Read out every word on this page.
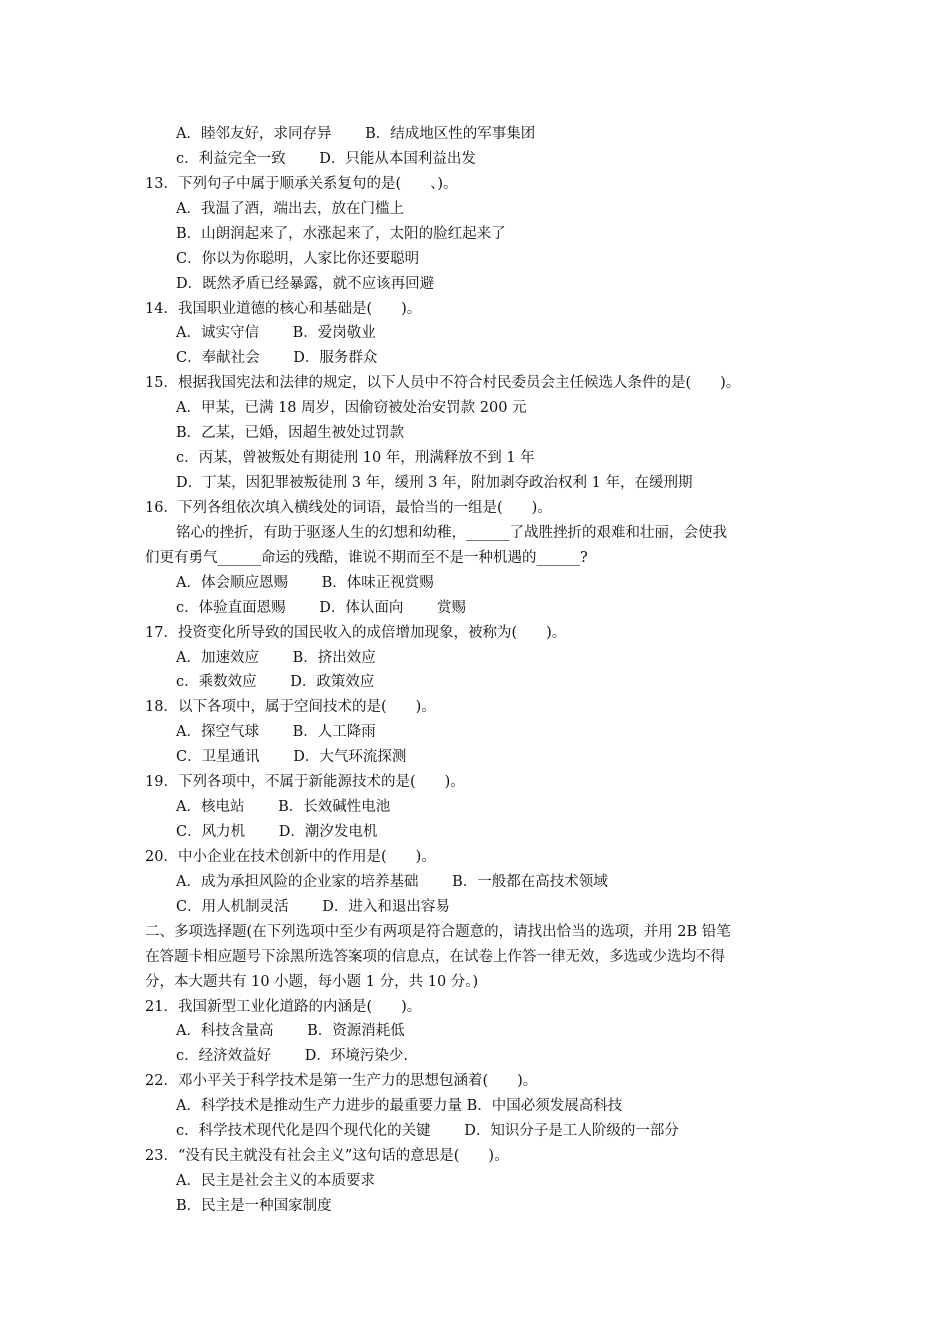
A．睦邻友好，求同存异　　 B．结成地区性的军事集团
c．利益完全一致　　 D．只能从本国利益出发
13．下列句子中属于顺承关系复句的是(　　、)。
A．我温了酒，端出去，放在门槛上
B．山朗润起来了，水涨起来了，太阳的脸红起来了
C．你以为你聪明，人家比你还要聪明
D．既然矛盾已经暴露，就不应该再回避
14．我国职业道德的核心和基础是(　　)。
A．诚实守信　　 B．爱岗敬业
C．奉献社会　　 D．服务群众
15．根据我国宪法和法律的规定，以下人员中不符合村民委员会主任候选人条件的是(　　)。
A．甲某，已满 18 周岁，因偷窃被处治安罚款 200 元
B．乙某，已婚，因超生被处过罚款
c．丙某，曾被叛处有期徒刑 10 年，刑满释放不到 1 年
D．丁某，因犯罪被叛徒刑 3 年，缓刑 3 年，附加剥夺政治权利 1 年，在缓刑期
16．下列各组依次填入横线处的词语，最恰当的一组是(　　)。
铭心的挫折，有助于驱逐人生的幻想和幼稚，______了战胜挫折的艰难和壮丽，会使我
们更有勇气______命运的残酷，谁说不期而至不是一种机遇的______?
A．体会顺应恩赐　　 B．体味正视赏赐
c．体验直面恩赐　　 D．体认面向　　 赏赐
17．投资变化所导致的国民收入的成倍增加现象，被称为(　　)。
A．加速效应　　 B．挤出效应
c．乘数效应　　 D．政策效应
18．以下各项中，属于空间技术的是(　　)。
A．探空气球　　 B．人工降雨
C．卫星通讯　　 D．大气环流探测
19．下列各项中，不属于新能源技术的是(　　)。
A．核电站　　 B．长效碱性电池
C．风力机　　 D．潮汐发电机
20．中小企业在技术创新中的作用是(　　)。
A．成为承担风险的企业家的培养基础　　 B．一般都在高技术领域
C．用人机制灵活　　 D．进入和退出容易
二、多项选择题(在下列选项中至少有两项是符合题意的，请找出恰当的选项，并用 2B 铅笔
在答题卡相应题号下涂黑所选答案项的信息点，在试卷上作答一律无效，多选或少选均不得
分，本大题共有 10 小题，每小题 1 分，共 10 分。)
21．我国新型工业化道路的内涵是(　　)。
A．科技含量高　　 B．资源消耗低
c．经济效益好　　 D．环境污染少.
22．邓小平关于科学技术是第一生产力的思想包涵着(　　)。
A．科学技术是推动生产力进步的最重要力量 B．中国必须发展高科技
c．科学技术现代化是四个现代化的关键　　 D．知识分子是工人阶级的一部分
23．“没有民主就没有社会主义”这句话的意思是(　　)。
A．民主是社会主义的本质要求
B．民主是一种国家制度
